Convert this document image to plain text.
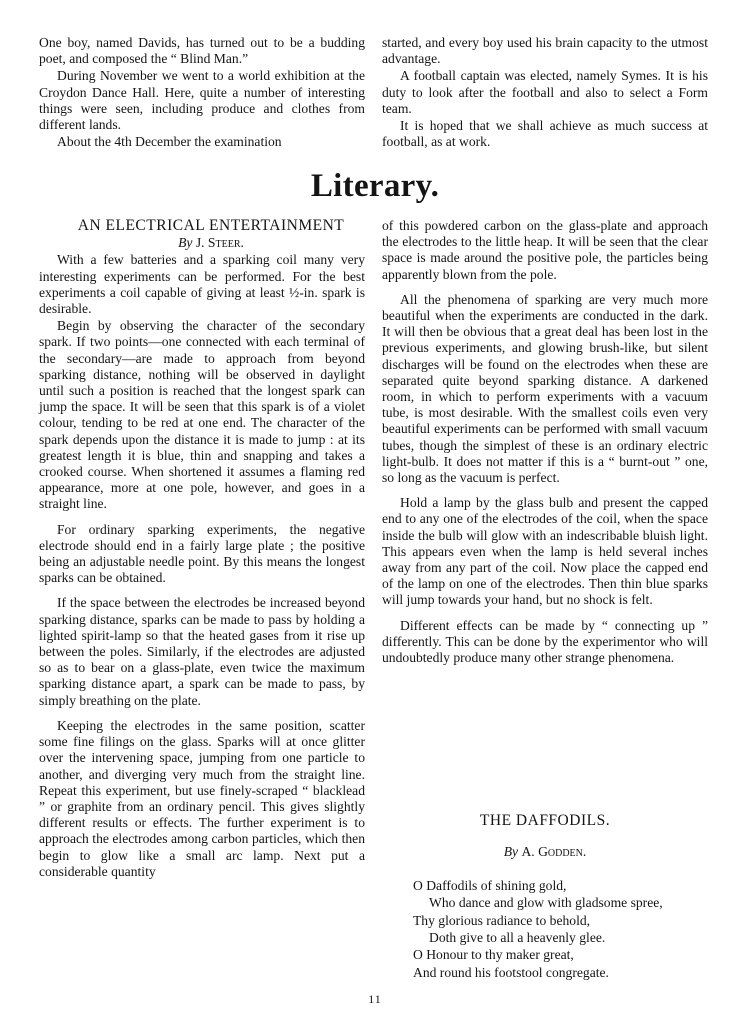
One boy, named Davids, has turned out to be a budding poet, and composed the “ Blind Man.”

During November we went to a world exhibition at the Croydon Dance Hall. Here, quite a number of interesting things were seen, including produce and clothes from different lands.

About the 4th December the examination

started, and every boy used his brain capacity to the utmost advantage.

A football captain was elected, namely Symes. It is his duty to look after the football and also to select a Form team.

It is hoped that we shall achieve as much success at football, as at work.

Literary.

AN ELECTRICAL ENTERTAINMENT

By J. Steer.

With a few batteries and a sparking coil many very interesting experiments can be performed. For the best experiments a coil capable of giving at least ½-in. spark is desirable.

Begin by observing the character of the secondary spark. If two points—one connected with each terminal of the secondary—are made to approach from beyond sparking distance, nothing will be observed in daylight until such a position is reached that the longest spark can jump the space. It will be seen that this spark is of a violet colour, tending to be red at one end. The character of the spark depends upon the distance it is made to jump : at its greatest length it is blue, thin and snapping and takes a crooked course. When shortened it assumes a flaming red appearance, more at one pole, however, and goes in a straight line.

For ordinary sparking experiments, the negative electrode should end in a fairly large plate ; the positive being an adjustable needle point. By this means the longest sparks can be obtained.

If the space between the electrodes be increased beyond sparking distance, sparks can be made to pass by holding a lighted spirit-lamp so that the heated gases from it rise up between the poles. Similarly, if the electrodes are adjusted so as to bear on a glass-plate, even twice the maximum sparking distance apart, a spark can be made to pass, by simply breathing on the plate.

Keeping the electrodes in the same position, scatter some fine filings on the glass. Sparks will at once glitter over the intervening space, jumping from one particle to another, and diverging very much from the straight line. Repeat this experiment, but use finely-scraped “ blacklead ” or graphite from an ordinary pencil. This gives slightly different results or effects. The further experiment is to approach the electrodes among carbon particles, which then begin to glow like a small arc lamp. Next put a considerable quantity

of this powdered carbon on the glass-plate and approach the electrodes to the little heap. It will be seen that the clear space is made around the positive pole, the particles being apparently blown from the pole.

All the phenomena of sparking are very much more beautiful when the experiments are conducted in the dark. It will then be obvious that a great deal has been lost in the previous experiments, and glowing brush-like, but silent discharges will be found on the electrodes when these are separated quite beyond sparking distance. A darkened room, in which to perform experiments with a vacuum tube, is most desirable. With the smallest coils even very beautiful experiments can be performed with small vacuum tubes, though the simplest of these is an ordinary electric light-bulb. It does not matter if this is a “ burnt-out ” one, so long as the vacuum is perfect.

Hold a lamp by the glass bulb and present the capped end to any one of the electrodes of the coil, when the space inside the bulb will glow with an indescribable bluish light. This appears even when the lamp is held several inches away from any part of the coil. Now place the capped end of the lamp on one of the electrodes. Then thin blue sparks will jump towards your hand, but no shock is felt.

Different effects can be made by “ connecting up ” differently. This can be done by the experimentor who will undoubtedly produce many other strange phenomena.

THE DAFFODILS.
By A. Godden.
O Daffodils of shining gold,
Who dance and glow with gladsome spree,
Thy glorious radiance to behold,
Doth give to all a heavenly glee.
O Honour to thy maker great,
And round his footstool congregate.
11
